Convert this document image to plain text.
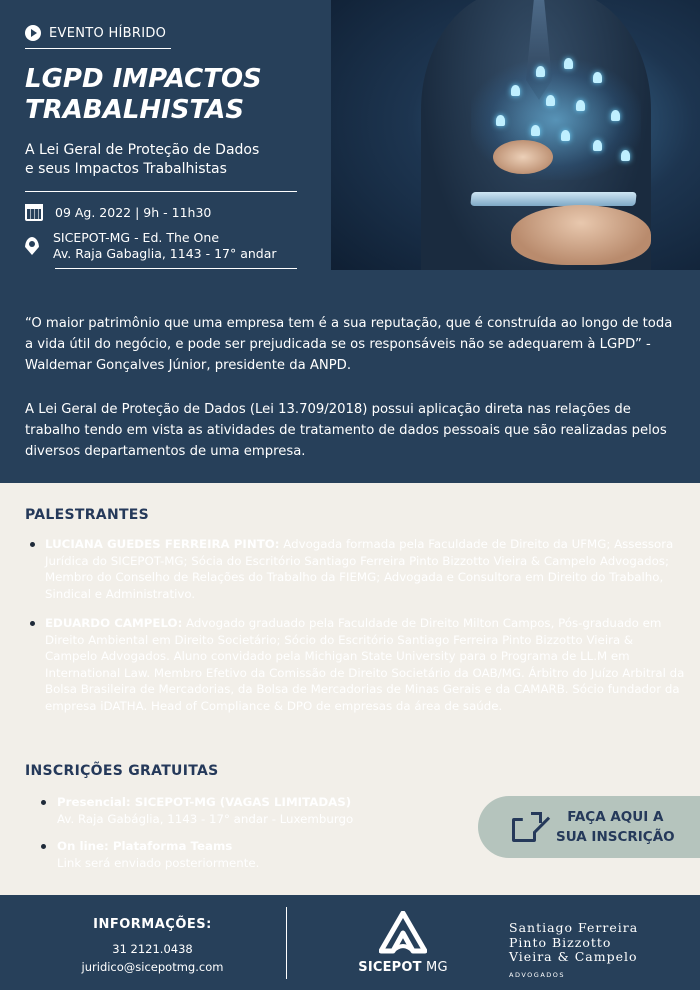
EVENTO HÍBRIDO
LGPD IMPACTOS
TRABALHISTAS
A Lei Geral de Proteção de Dados
e seus Impactos Trabalhistas
09 Ag. 2022 | 9h - 11h30
SICEPOT-MG - Ed. The One
Av. Raja Gabaglia, 1143 - 17° andar

“O maior patrimônio que uma empresa tem é a sua reputação, que é construída ao longo de toda a vida útil do negócio, e pode ser prejudicada se os responsáveis não se adequarem à LGPD” - Waldemar Gonçalves Júnior, presidente da ANPD.

A Lei Geral de Proteção de Dados (Lei 13.709/2018) possui aplicação direta nas relações de trabalho tendo em vista as atividades de tratamento de dados pessoais que são realizadas pelos diversos departamentos de uma empresa.

PALESTRANTES
LUCIANA GUEDES FERREIRA PINTO: Advogada formada pela Faculdade de Direito da UFMG; Assessora Jurídica do SICEPOT-MG; Sócia do Escritório Santiago Ferreira Pinto Bizzotto Vieira & Campelo Advogados; Membro do Conselho de Relações do Trabalho da FIEMG; Advogada e Consultora em Direito do Trabalho, Sindical e Administrativo.
EDUARDO CAMPELO: Advogado graduado pela Faculdade de Direito Milton Campos, Pós-graduado em Direito Ambiental em Direito Societário; Sócio do Escritório Santiago Ferreira Pinto Bizzotto Vieira & Campelo Advogados. Aluno convidado pela Michigan State University para o Programa de LL.M em International Law. Membro Efetivo da Comissão de Direito Societário da OAB/MG. Árbitro do Juízo Arbitral da Bolsa Brasileira de Mercadorias, da Bolsa de Mercadorias de Minas Gerais e da CAMARB. Sócio fundador da empresa iDATHA. Head of Compliance & DPO de empresas da área de saúde.
INSCRIÇÕES GRATUITAS
Presencial: SICEPOT-MG (VAGAS LIMITADAS)
Av. Raja Gabáglia, 1143 - 17° andar - Luxemburgo
On line: Plataforma Teams
Link será enviado posteriormente.
FAÇA AQUI A
SUA INSCRIÇÃO
INFORMAÇÕES:
31 2121.0438
juridico@sicepotmg.com	SICEPOT MG
Santiago Ferreira
Pinto Bizzotto
Vieira & Campelo
ADVOGADOS
